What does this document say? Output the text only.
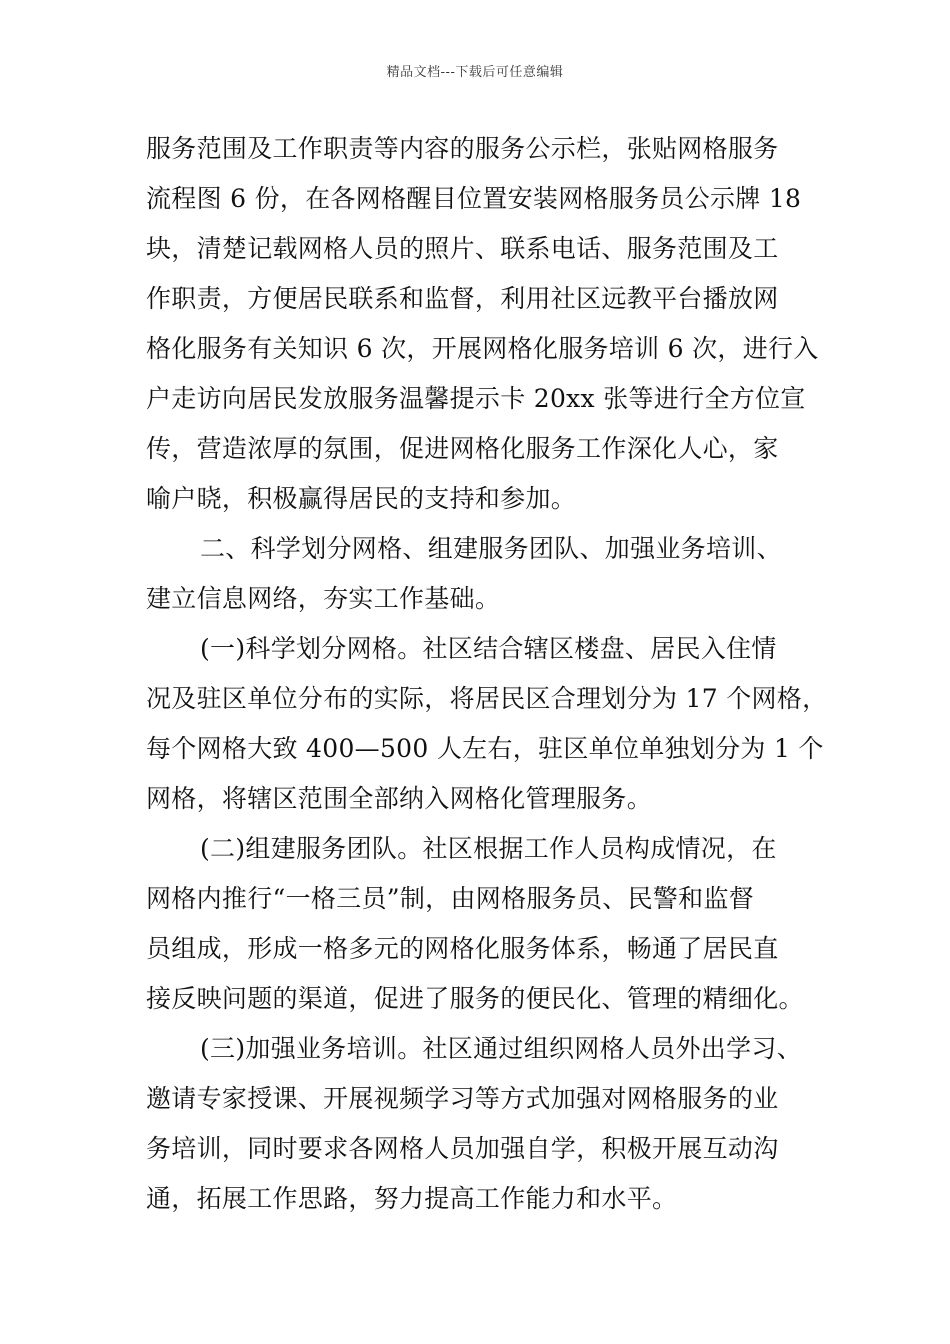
精品文档---下载后可任意编辑
服务范围及工作职责等内容的服务公示栏，张贴网格服务
流程图 6 份，在各网格醒目位置安装网格服务员公示牌 18
块，清楚记载网格人员的照片、联系电话、服务范围及工
作职责，方便居民联系和监督，利用社区远教平台播放网
格化服务有关知识 6 次，开展网格化服务培训 6 次，进行入
户走访向居民发放服务温馨提示卡 20xx 张等进行全方位宣
传，营造浓厚的氛围，促进网格化服务工作深化人心，家
喻户晓，积极赢得居民的支持和参加。
二、科学划分网格、组建服务团队、加强业务培训、
建立信息网络，夯实工作基础。
(一)科学划分网格。社区结合辖区楼盘、居民入住情
况及驻区单位分布的实际，将居民区合理划分为 17 个网格，
每个网格大致 400—500 人左右，驻区单位单独划分为 1 个
网格，将辖区范围全部纳入网格化管理服务。
(二)组建服务团队。社区根据工作人员构成情况，在
网格内推行“一格三员”制，由网格服务员、民警和监督
员组成，形成一格多元的网格化服务体系，畅通了居民直
接反映问题的渠道，促进了服务的便民化、管理的精细化。
(三)加强业务培训。社区通过组织网格人员外出学习、
邀请专家授课、开展视频学习等方式加强对网格服务的业
务培训，同时要求各网格人员加强自学，积极开展互动沟
通，拓展工作思路，努力提高工作能力和水平。
